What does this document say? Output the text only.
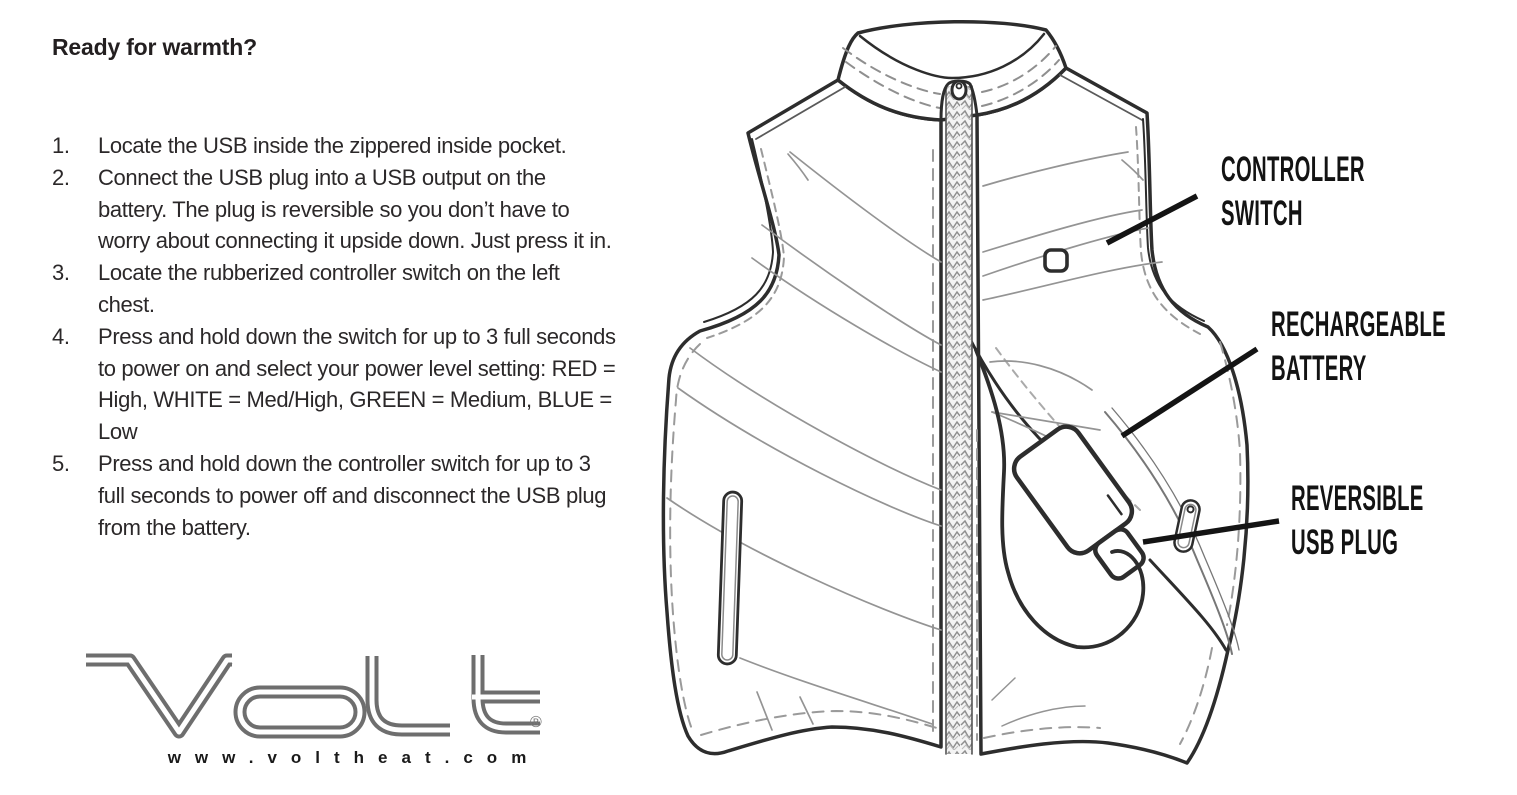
Ready for warmth?
1.	Locate the USB inside the zippered inside pocket.
2.	Connect the USB plug into a USB output on the battery. The plug is reversible so you don’t have to worry about connecting it upside down. Just press it in.
3.	Locate the rubberized controller switch on the left chest.
4.	Press and hold down the switch for up to 3 full seconds to power on and select your power level setting: RED = High, WHITE = Med/High, GREEN = Medium, BLUE = Low
5.	Press and hold down the controller switch for up to 3 full seconds to power off and disconnect the USB plug from the battery.
®
www.voltheat.com
CONTROLLER
SWITCH
RECHARGEABLE
BATTERY
REVERSIBLE
USB PLUG
